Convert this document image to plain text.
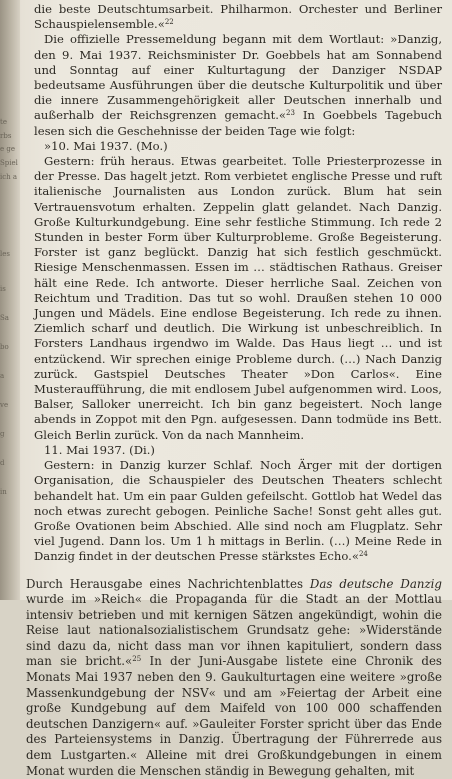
te
rbs
e ge
Spiel
ich a
les
is
Sa
bo
a
ve
g
d
in

die beste Deutschtumsarbeit. Philharmon. Orchester und Berliner Schauspielensemble.«$^{22}$

Die offizielle Pressemeldung begann mit dem Wortlaut: »Danzig, den 9. Mai 1937. Reichsminister Dr. Goebbels hat am Sonnabend und Sonntag auf einer Kulturtagung der Danziger NSDAP bedeutsame Ausführungen über die deutsche Kulturpolitik und über die innere Zusammengehörigkeit aller Deutschen innerhalb und außerhalb der Reichsgrenzen gemacht.«$^{23}$ In Goebbels Tagebuch lesen sich die Geschehnisse der beiden Tage wie folgt:

»10. Mai 1937. (Mo.)

Gestern: früh heraus. Etwas gearbeitet. Tolle Priesterprozesse in der Presse. Das hagelt jetzt. Rom verbietet englische Presse und ruft italienische Journalisten aus London zurück. Blum hat sein Vertrauensvotum erhalten. Zeppelin glatt gelandet. Nach Danzig. Große Kulturkundgebung. Eine sehr festliche Stimmung. Ich rede 2 Stunden in bester Form über Kulturprobleme. Große Begeisterung. Forster ist ganz beglückt. Danzig hat sich festlich geschmückt. Riesige Menschenmassen. Essen im … städtischen Rathaus. Greiser hält eine Rede. Ich antworte. Dieser herrliche Saal. Zeichen von Reichtum und Tradition. Das tut so wohl. Draußen stehen 10 000 Jungen und Mädels. Eine endlose Begeisterung. Ich rede zu ihnen. Ziemlich scharf und deutlich. Die Wirkung ist unbeschreiblich. In Forsters Landhaus irgendwo im Walde. Das Haus liegt … und ist entzückend. Wir sprechen einige Probleme durch. (…) Nach Danzig zurück. Gastspiel Deutsches Theater »Don Carlos«. Eine Musteraufführung, die mit endlosem Jubel aufgenommen wird. Loos, Balser, Salloker unerreicht. Ich bin ganz begeistert. Noch lange abends in Zoppot mit den Pgn. aufgesessen. Dann todmüde ins Bett. Gleich Berlin zurück. Von da nach Mannheim.

11. Mai 1937. (Di.)

Gestern: in Danzig kurzer Schlaf. Noch Ärger mit der dortigen Organisation, die Schauspieler des Deutschen Theaters schlecht behandelt hat. Um ein paar Gulden gefeilscht. Gottlob hat Wedel das noch etwas zurecht gebogen. Peinliche Sache! Sonst geht alles gut. Große Ovationen beim Abschied. Alle sind noch am Flugplatz. Sehr viel Jugend. Dann los. Um 1 h mittags in Berlin. (…) Meine Rede in Danzig findet in der deutschen Presse stärkstes Echo.«$^{24}$

Durch Herausgabe eines Nachrichtenblattes Das deutsche Danzig wurde im »Reich« die Propaganda für die Stadt an der Mottlau intensiv betrieben und mit kernigen Sätzen angekündigt, wohin die Reise laut nationalsozialistischem Grundsatz gehe: »Widerstände sind dazu da, nicht dass man vor ihnen kapituliert, sondern dass man sie bricht.«$^{25}$ In der Juni-Ausgabe listete eine Chronik des Monats Mai 1937 neben den 9. Gaukulturtagen eine weitere »große Massenkundgebung der NSV« und am »Feiertag der Arbeit eine große Kundgebung auf dem Maifeld von 100 000 schaffenden deutschen Danzigern« auf. »Gauleiter Forster spricht über das Ende des Parteiensystems in Danzig. Übertragung der Führerrede aus dem Lustgarten.« Alleine mit drei Großkundgebungen in einem Monat wurden die Menschen ständig in Bewegung gehalten, mit
